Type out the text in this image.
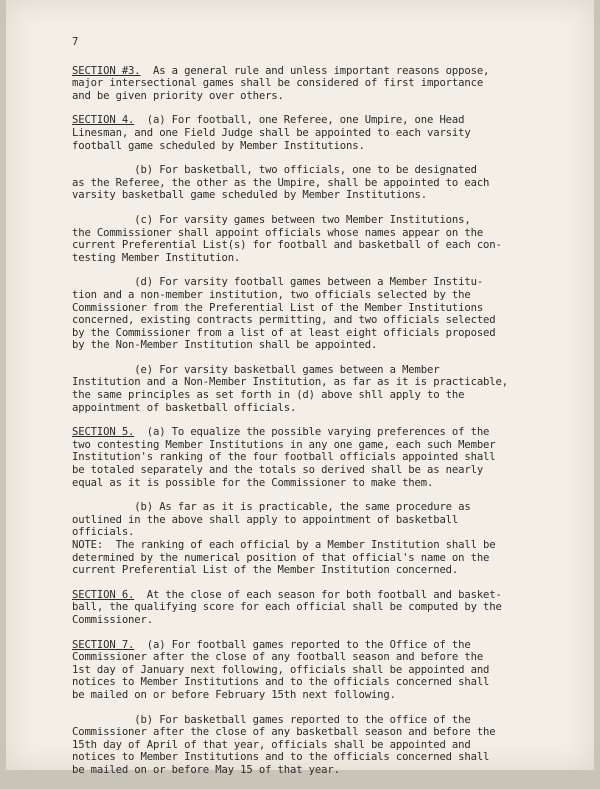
7
SECTION #3.  As a general rule and unless important reasons oppose,
major intersectional games shall be considered of first importance
and be given priority over others.
SECTION 4.  (a) For football, one Referee, one Umpire, one Head
Linesman, and one Field Judge shall be appointed to each varsity
football game scheduled by Member Institutions.
(b) For basketball, two officials, one to be designated
as the Referee, the other as the Umpire, shall be appointed to each
varsity basketball game scheduled by Member Institutions.
(c) For varsity games between two Member Institutions,
the Commissioner shall appoint officials whose names appear on the
current Preferential List(s) for football and basketball of each con-
testing Member Institution.
(d) For varsity football games between a Member Institu-
tion and a non-member institution, two officials selected by the
Commissioner from the Preferential List of the Member Institutions
concerned, existing contracts permitting, and two officials selected
by the Commissioner from a list of at least eight officials proposed
by the Non-Member Institution shall be appointed.
(e) For varsity basketball games between a Member
Institution and a Non-Member Institution, as far as it is practicable,
the same principles as set forth in (d) above shll apply to the
appointment of basketball officials.
SECTION 5.  (a) To equalize the possible varying preferences of the
two contesting Member Institutions in any one game, each such Member
Institution's ranking of the four football officials appointed shall
be totaled separately and the totals so derived shall be as nearly
equal as it is possible for the Commissioner to make them.
(b) As far as it is practicable, the same procedure as
outlined in the above shall apply to appointment of basketball
officials.
NOTE:  The ranking of each official by a Member Institution shall be
determined by the numerical position of that official's name on the
current Preferential List of the Member Institution concerned.
SECTION 6.  At the close of each season for both football and basket-
ball, the qualifying score for each official shall be computed by the
Commissioner.
SECTION 7.  (a) For football games reported to the Office of the
Commissioner after the close of any football season and before the
1st day of January next following, officials shall be appointed and
notices to Member Institutions and to the officials concerned shall
be mailed on or before February 15th next following.
(b) For basketball games reported to the office of the
Commissioner after the close of any basketball season and before the
15th day of April of that year, officials shall be appointed and
notices to Member Institutions and to the officials concerned shall
be mailed on or before May 15 of that year.
